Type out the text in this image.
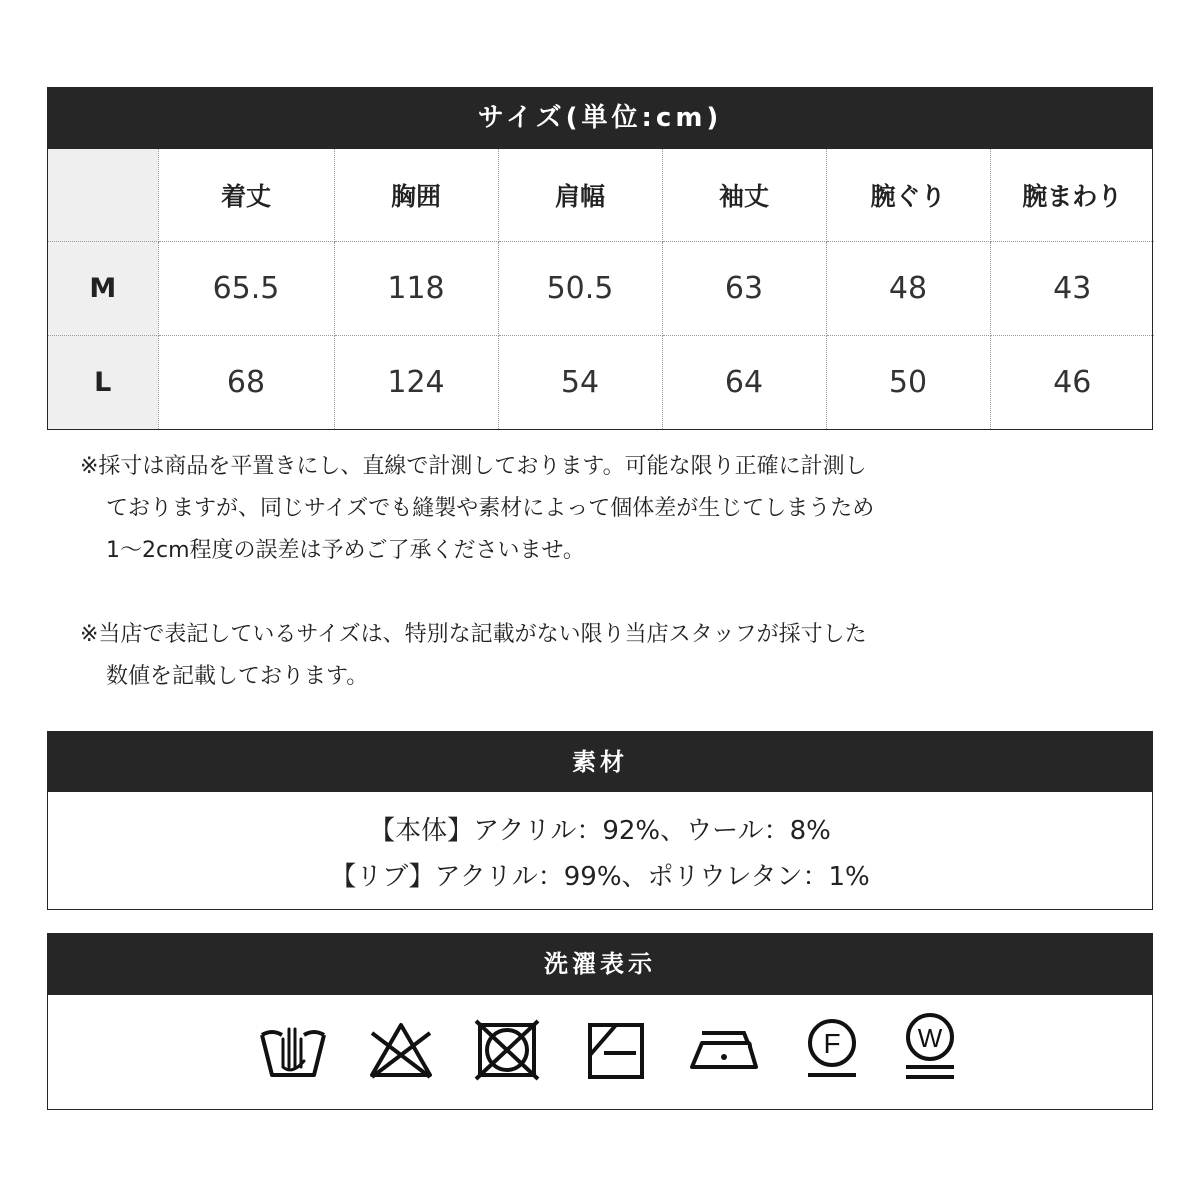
サイズ(単位:cm)
	着丈	胸囲	肩幅	袖丈	腕ぐり	腕まわり
M	65.5	118	50.5	63	48	43
L	68	124	54	64	50	46

※採寸は商品を平置きにし、直線で計測しております。可能な限り正確に計測し

ておりますが、同じサイズでも縫製や素材によって個体差が生じてしまうため

1～2cm程度の誤差は予めご了承くださいませ。

※当店で表記しているサイズは、特別な記載がない限り当店スタッフが採寸した

数値を記載しております。

素材
【本体】アクリル：92%、ウール：8%
【リブ】アクリル：99%、ポリウレタン：1%
洗濯表示
F	W
